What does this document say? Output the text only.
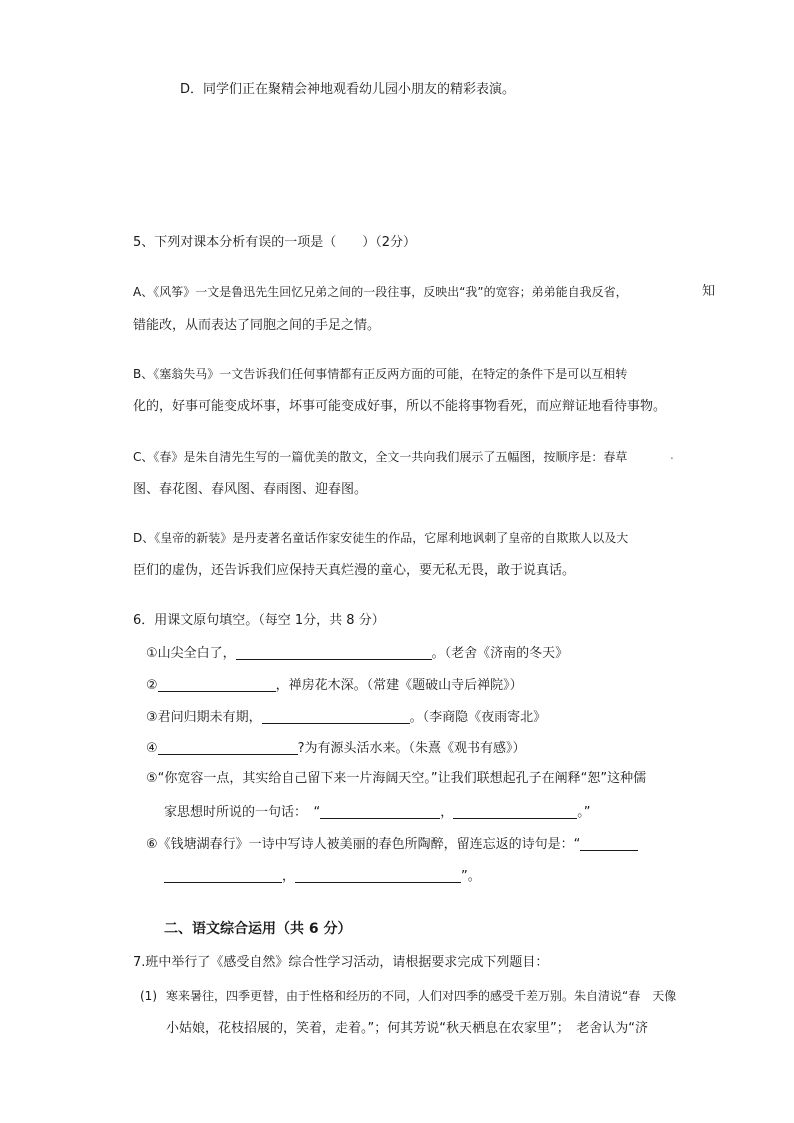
D．同学们正在聚精会神地观看幼儿园小朋友的精彩表演。
5、下列对课本分析有误的一项是（　　）（2分）
A、《风筝》一文是鲁迅先生回忆兄弟之间的一段往事，反映出“我”的宽容；弟弟能自我反省，	知
错能改，从而表达了同胞之间的手足之情。
B、《塞翁失马》一文告诉我们任何事情都有正反两方面的可能，在特定的条件下是可以互相转
化的，好事可能变成坏事，坏事可能变成好事，所以不能将事物看死，而应辩证地看待事物。
C、《春》是朱自清先生写的一篇优美的散文，全文一共向我们展示了五幅图，按顺序是：春草	.
图、春花图、春风图、春雨图、迎春图。
D、《皇帝的新装》是丹麦著名童话作家安徒生的作品，它犀利地讽刺了皇帝的自欺欺人以及大
臣们的虚伪，还告诉我们应保持天真烂漫的童心，要无私无畏，敢于说真话。
6．用课文原句填空。（每空 1分，共 8 分）
①山尖全白了，	。（老舍《济南的冬天》
②	，禅房花木深。（常建《题破山寺后禅院》）
③君问归期未有期，	。（李商隐《夜雨寄北》
④	?为有源头活水来。（朱熹《观书有感》）
⑤“你宽容一点，其实给自己留下来一片海阔天空。”让我们联想起孔子在阐释“恕”这种儒
家思想时所说的一句话：　“	，	。”
⑥《钱塘湖春行》一诗中写诗人被美丽的春色所陶醉，留连忘返的诗句是：“
，	”。
二、语文综合运用（共 6 分）
7.班中举行了《感受自然》综合性学习活动，请根据要求完成下列题目：
(1) 寒来暑往，四季更替，由于性格和经历的不同，人们对四季的感受千差万别。朱自清说“春　天像
小姑娘，花枝招展的，笑着，走着。”；何其芳说“秋天栖息在农家里”；　老舍认为“济
